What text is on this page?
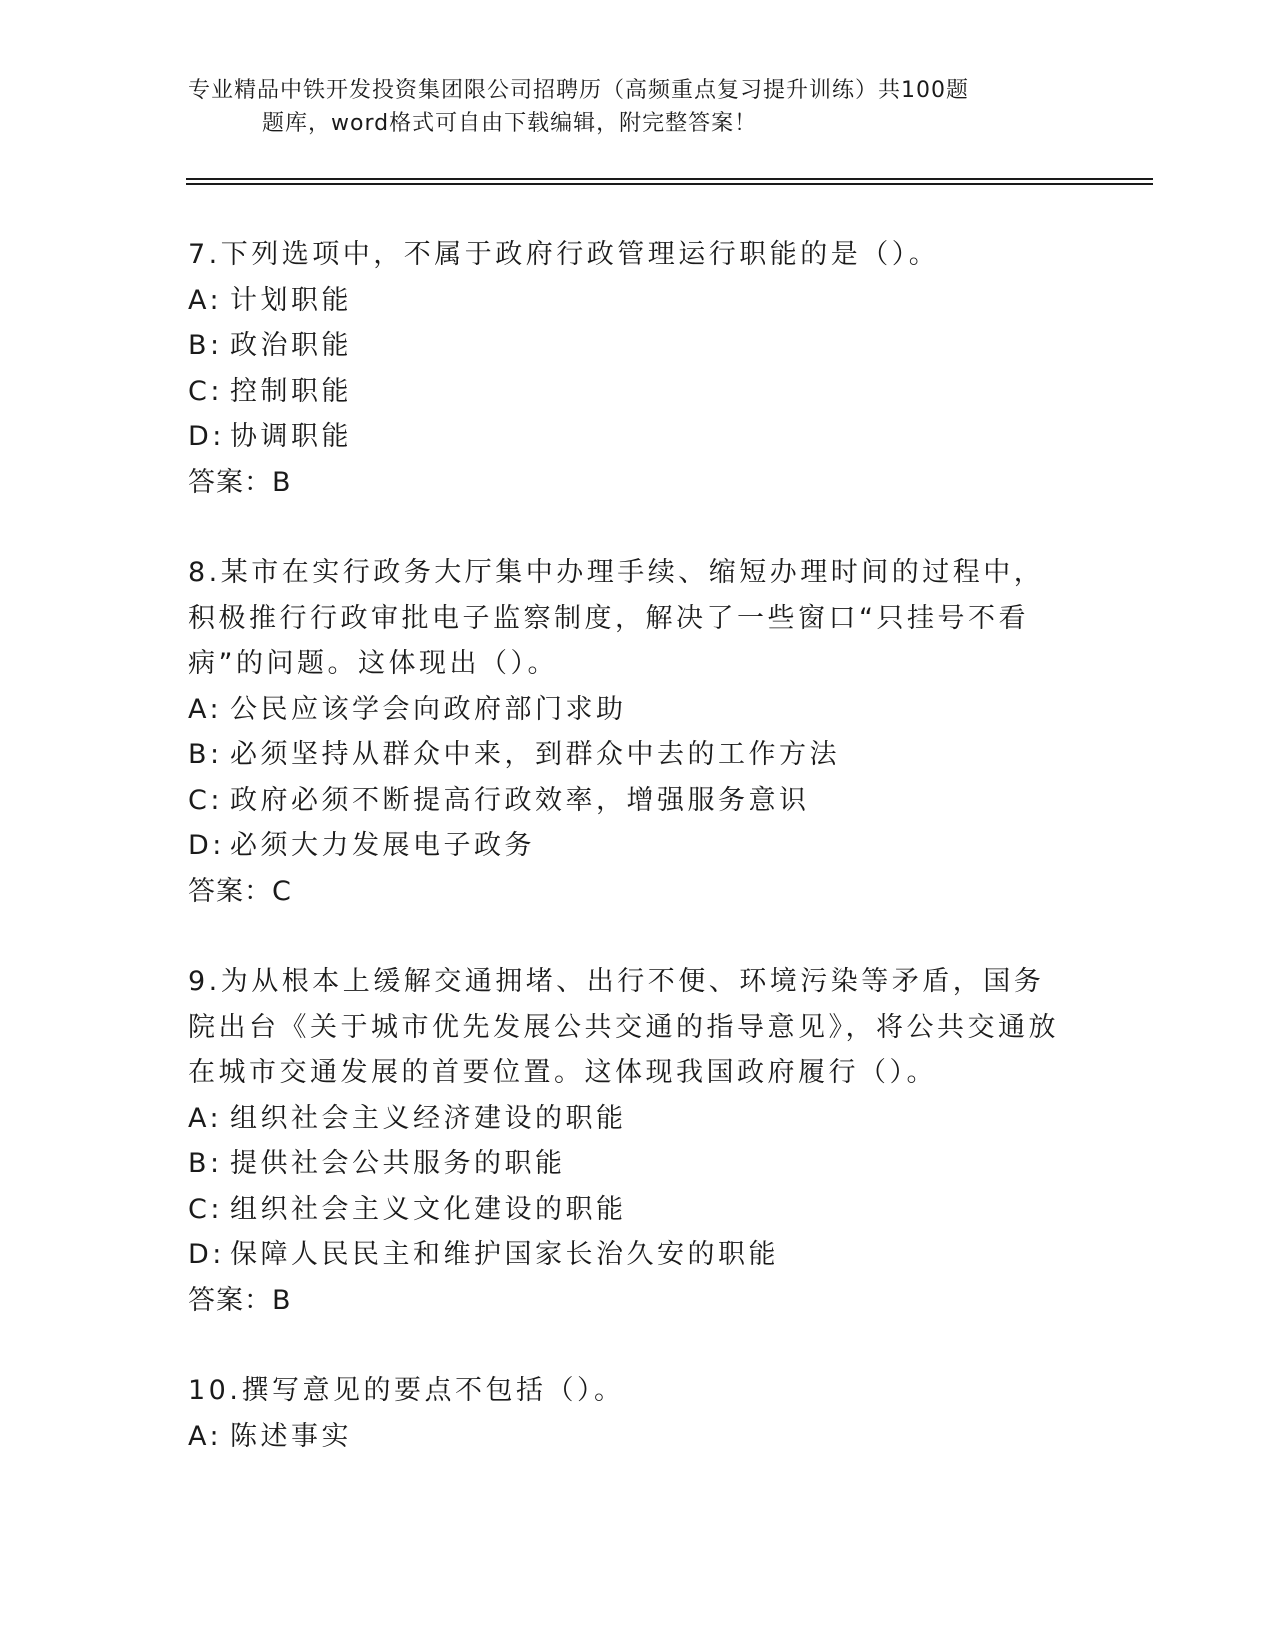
专业精品中铁开发投资集团限公司招聘历（高频重点复习提升训练）共100题
题库，word格式可自由下载编辑，附完整答案！
7.下列选项中，不属于政府行政管理运行职能的是（）。
A: 计划职能
B: 政治职能
C: 控制职能
D: 协调职能
答案：B
8.某市在实行政务大厅集中办理手续、缩短办理时间的过程中，积极推行行政审批电子监察制度，解决了一些窗口“只挂号不看病”的问题。这体现出（）。
A: 公民应该学会向政府部门求助
B: 必须坚持从群众中来，到群众中去的工作方法
C: 政府必须不断提高行政效率，增强服务意识
D: 必须大力发展电子政务
答案：C
9.为从根本上缓解交通拥堵、出行不便、环境污染等矛盾，国务院出台《关于城市优先发展公共交通的指导意见》，将公共交通放在城市交通发展的首要位置。这体现我国政府履行（）。
A: 组织社会主义经济建设的职能
B: 提供社会公共服务的职能
C: 组织社会主义文化建设的职能
D: 保障人民民主和维护国家长治久安的职能
答案：B
10.撰写意见的要点不包括（）。
A: 陈述事实
